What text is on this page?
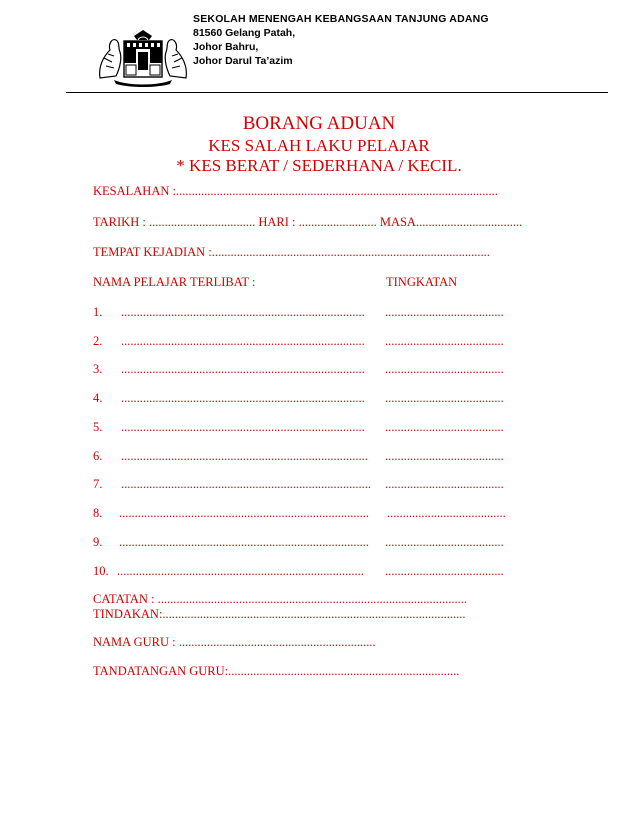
SEKOLAH MENENGAH KEBANGSAAN TANJUNG ADANG
81560 Gelang Patah,
Johor Bahru,
Johor Darul Ta’azim
BORANG ADUAN
KES SALAH LAKU PELAJAR
* KES BERAT / SEDERHANA / KECIL.
KESALAHAN :.......................................................................................................
TARIKH : .................................. HARI : ......................... MASA..................................
TEMPAT KEJADIAN :.........................................................................................
NAMA PELAJAR TERLIBAT :	TINGKATAN
1. .............................................................................. ......................................
2. .............................................................................. ......................................
3. .............................................................................. ......................................
4. .............................................................................. ......................................
5. .............................................................................. ......................................
6. ............................................................................... ......................................
7. ................................................................................ ......................................
8. ................................................................................ ......................................
9. ................................................................................ ......................................
10. ............................................................................... ......................................
CATATAN : ...................................................................................................
TINDAKAN:.................................................................................................
NAMA GURU : ...............................................................
TANDATANGAN GURU:..........................................................................
